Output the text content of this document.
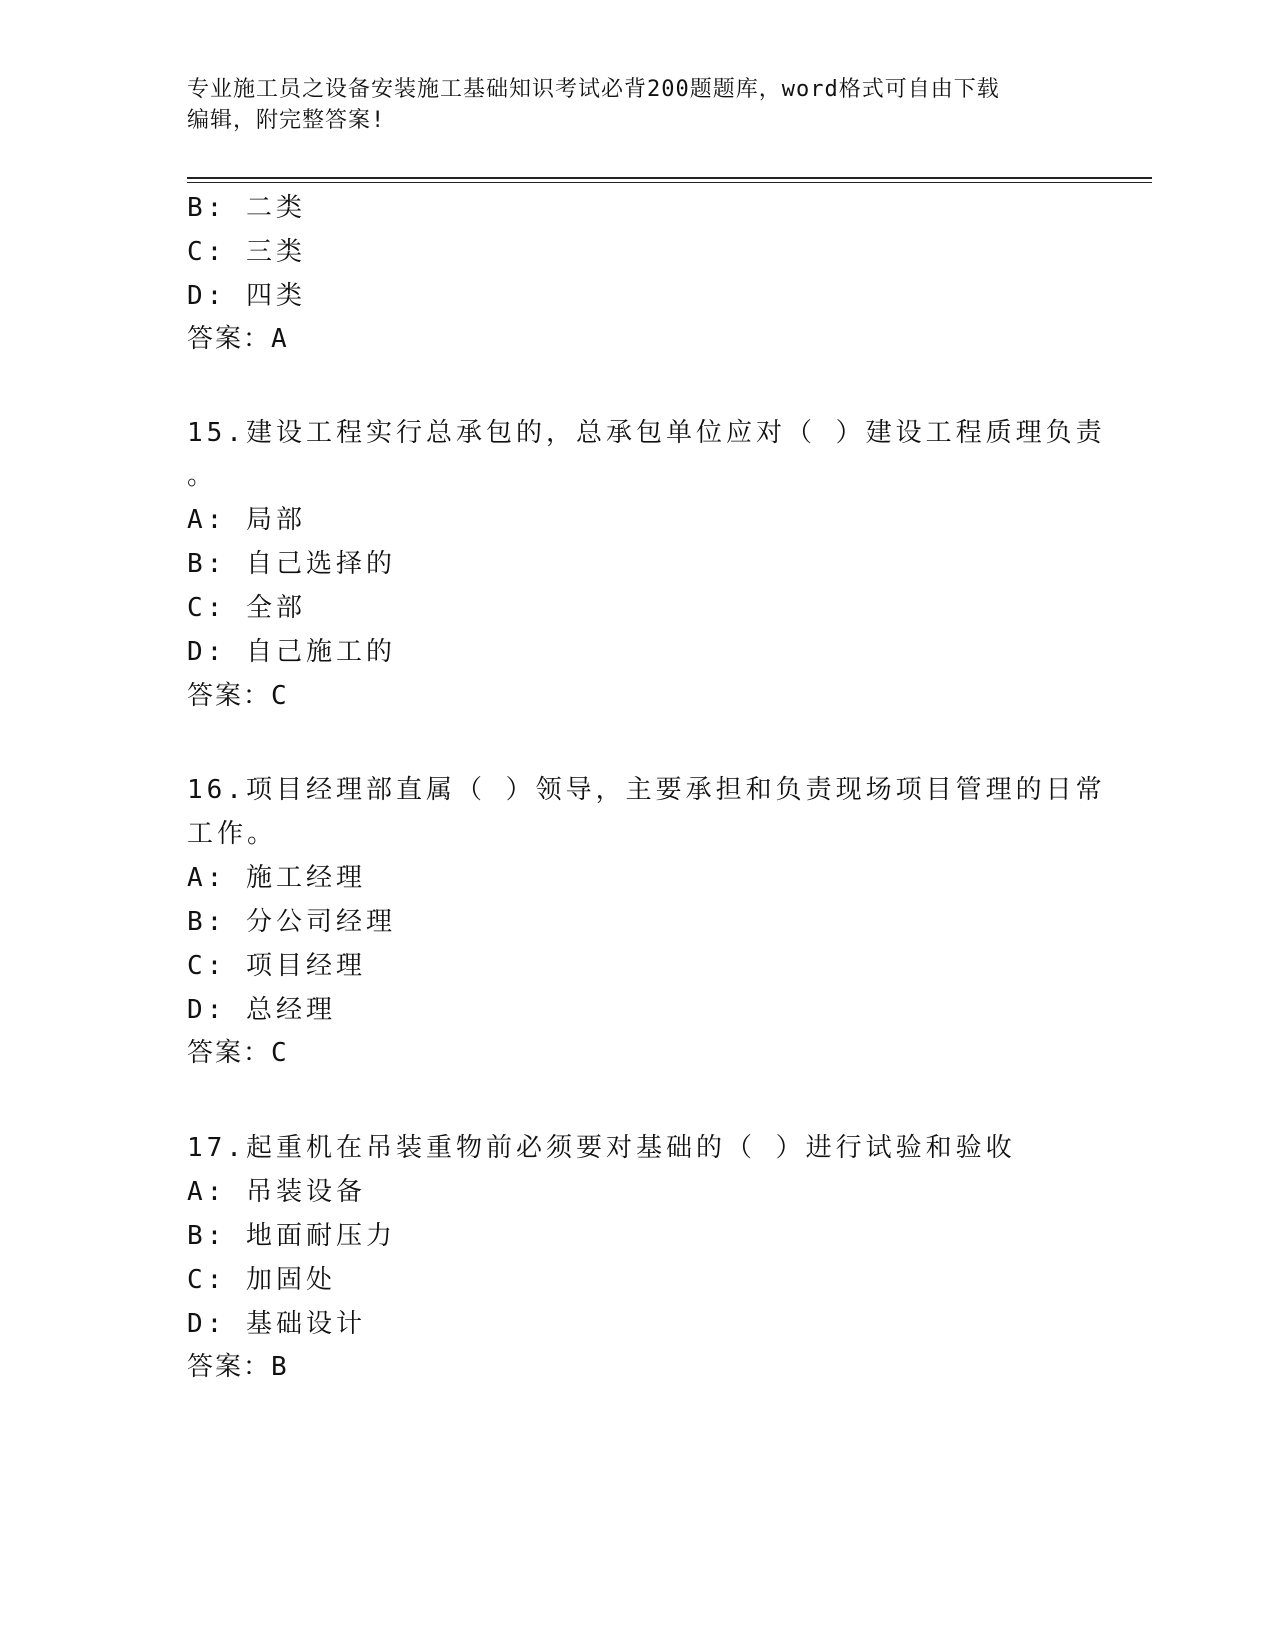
专业施工员之设备安装施工基础知识考试必背200题题库，word格式可自由下载
编辑，附完整答案!
B: 二类
C: 三类
D: 四类
答案：A
15.建设工程实行总承包的，总承包单位应对（ ）建设工程质理负责
。
A: 局部
B: 自己选择的
C: 全部
D: 自己施工的
答案：C
16.项目经理部直属（ ）领导，主要承担和负责现场项目管理的日常
工作。
A: 施工经理
B: 分公司经理
C: 项目经理
D: 总经理
答案：C
17.起重机在吊装重物前必须要对基础的（ ）进行试验和验收
A: 吊装设备
B: 地面耐压力
C: 加固处
D: 基础设计
答案：B
